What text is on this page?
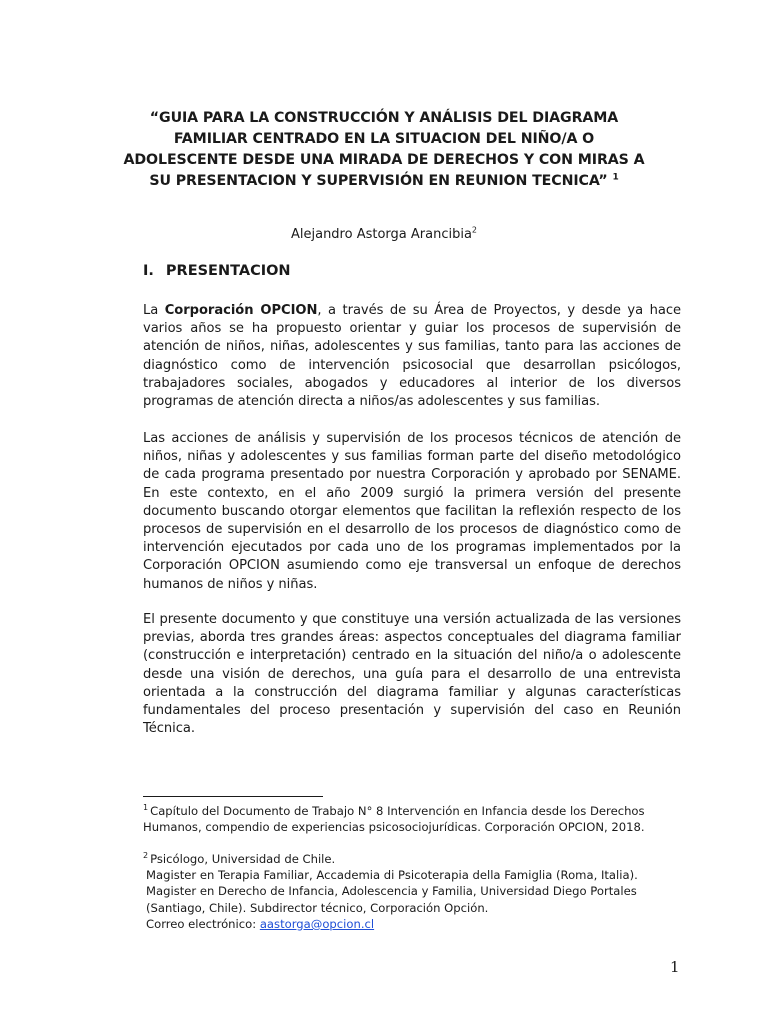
“GUIA PARA LA CONSTRUCCIÓN Y ANÁLISIS DEL DIAGRAMA FAMILIAR CENTRADO EN LA SITUACION DEL NIÑO/A O ADOLESCENTE DESDE UNA MIRADA DE DERECHOS Y CON MIRAS A SU PRESENTACION Y SUPERVISIÓN EN REUNION TECNICA” $^1$
Alejandro Astorga Arancibia$^2$
I. PRESENTACION
La Corporación OPCION, a través de su Área de Proyectos, y desde ya hace varios años se ha propuesto orientar y guiar los procesos de supervisión de atención de niños, niñas, adolescentes y sus familias, tanto para las acciones de diagnóstico como de intervención psicosocial que desarrollan psicólogos, trabajadores sociales, abogados y educadores al interior de los diversos programas de atención directa a niños/as adolescentes y sus familias.
Las acciones de análisis y supervisión de los procesos técnicos de atención de niños, niñas y adolescentes y sus familias forman parte del diseño metodológico de cada programa presentado por nuestra Corporación y aprobado por SENAME. En este contexto, en el año 2009 surgió la primera versión del presente documento buscando otorgar elementos que facilitan la reflexión respecto de los procesos de supervisión en el desarrollo de los procesos de diagnóstico como de intervención ejecutados por cada uno de los programas implementados por la Corporación OPCION asumiendo como eje transversal un enfoque de derechos humanos de niños y niñas.
El presente documento y que constituye una versión actualizada de las versiones previas, aborda tres grandes áreas: aspectos conceptuales del diagrama familiar (construcción e interpretación) centrado en la situación del niño/a o adolescente desde una visión de derechos, una guía para el desarrollo de una entrevista orientada a la construcción del diagrama familiar y algunas características fundamentales del proceso presentación y supervisión del caso en Reunión Técnica.
$^1$ Capítulo del Documento de Trabajo N° 8 Intervención en Infancia desde los Derechos Humanos, compendio de experiencias psicosociojurídicas. Corporación OPCION, 2018.
$^2$ Psicólogo, Universidad de Chile.
Magister en Terapia Familiar, Accademia di Psicoterapia della Famiglia (Roma, Italia).
Magister en Derecho de Infancia, Adolescencia y Familia, Universidad Diego Portales (Santiago, Chile). Subdirector técnico, Corporación Opción.
Correo electrónico: aastorga@opcion.cl
1
